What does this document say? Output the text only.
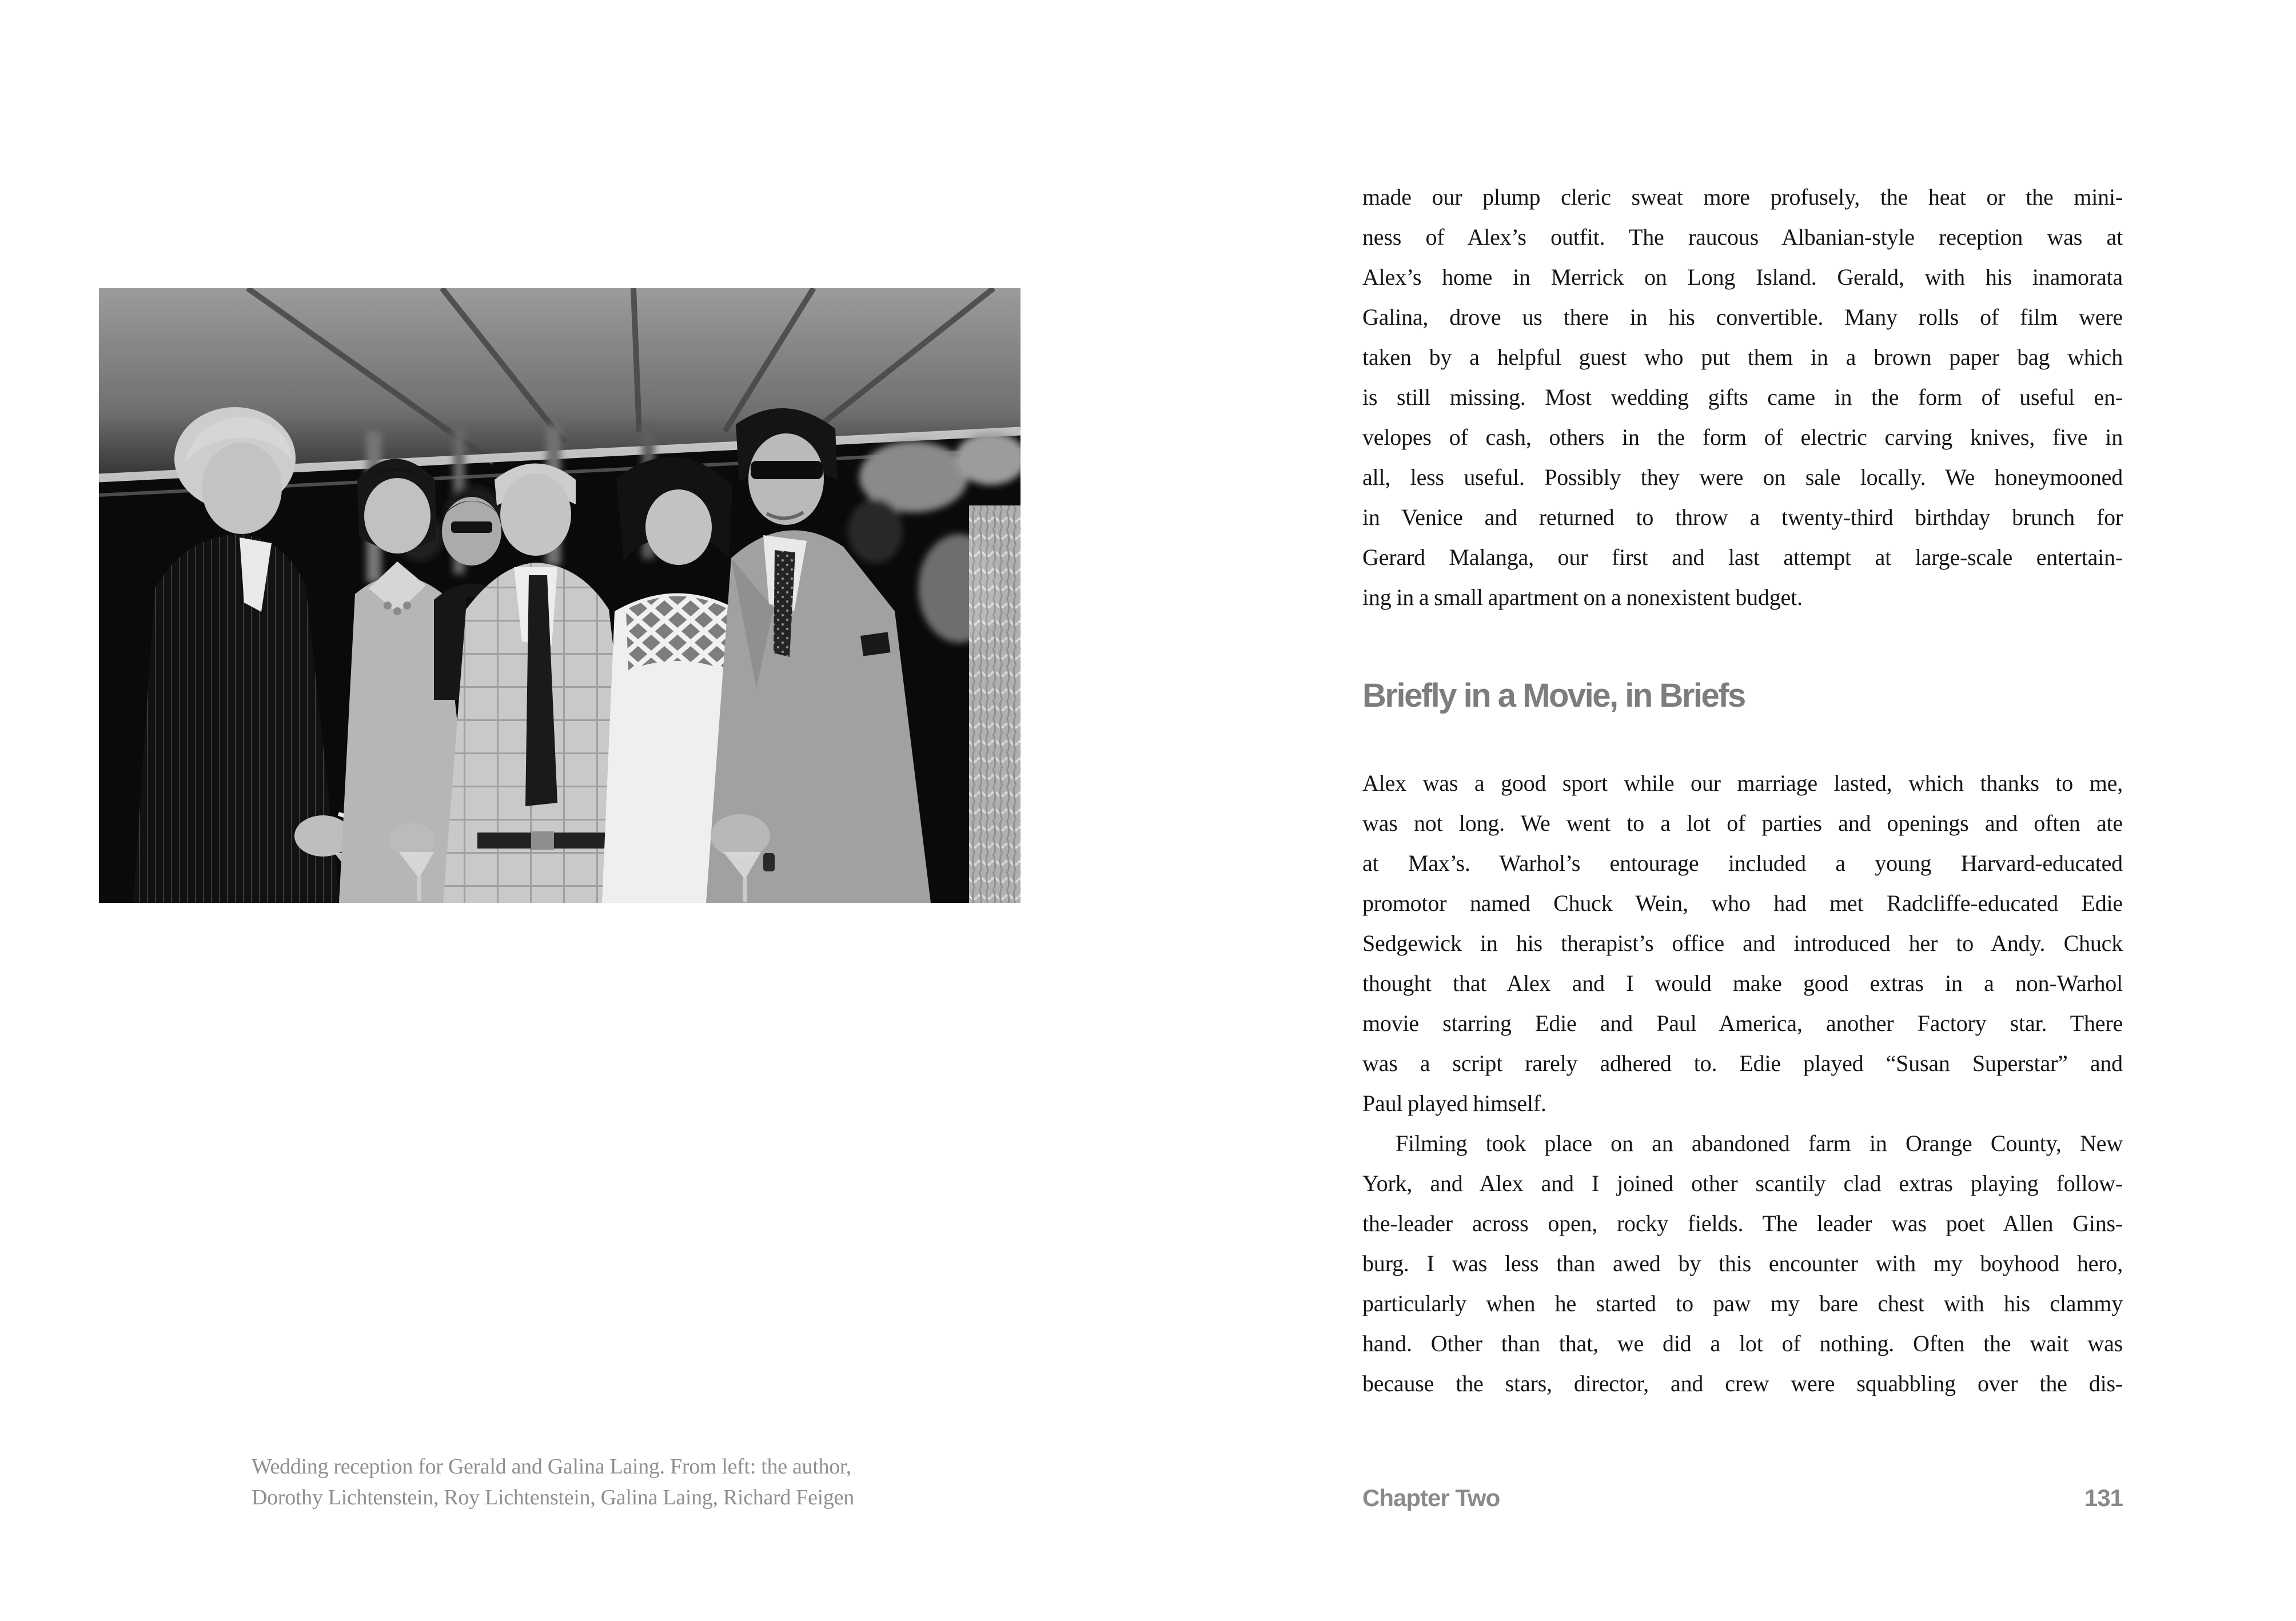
Wedding reception for Gerald and Galina Laing. From left: the author,
Dorothy Lichtenstein, Roy Lichtenstein, Galina Laing, Richard Feigen
made our plump cleric sweat more profusely, the heat or the mini-
ness of Alex’s outfit. The raucous Albanian-style reception was at
Alex’s home in Merrick on Long Island. Gerald, with his inamorata
Galina, drove us there in his convertible. Many rolls of film were
taken by a helpful guest who put them in a brown paper bag which
is still missing. Most wedding gifts came in the form of useful en-
velopes of cash, others in the form of electric carving knives, five in
all, less useful. Possibly they were on sale locally. We honeymooned
in Venice and returned to throw a twenty-third birthday brunch for
Gerard Malanga, our first and last attempt at large-scale entertain-
ing in a small apartment on a nonexistent budget.
Briefly in a Movie, in Briefs
Alex was a good sport while our marriage lasted, which thanks to me,
was not long. We went to a lot of parties and openings and often ate
at Max’s. Warhol’s entourage included a young Harvard-educated
promotor named Chuck Wein, who had met Radcliffe-educated Edie
Sedgewick in his therapist’s office and introduced her to Andy. Chuck
thought that Alex and I would make good extras in a non-Warhol
movie starring Edie and Paul America, another Factory star. There
was a script rarely adhered to. Edie played “Susan Superstar” and
Paul played himself.
Filming took place on an abandoned farm in Orange County, New
York, and Alex and I joined other scantily clad extras playing follow-
the-leader across open, rocky fields. The leader was poet Allen Gins-
burg. I was less than awed by this encounter with my boyhood hero,
particularly when he started to paw my bare chest with his clammy
hand. Other than that, we did a lot of nothing. Often the wait was
because the stars, director, and crew were squabbling over the dis-
Chapter Two	131
